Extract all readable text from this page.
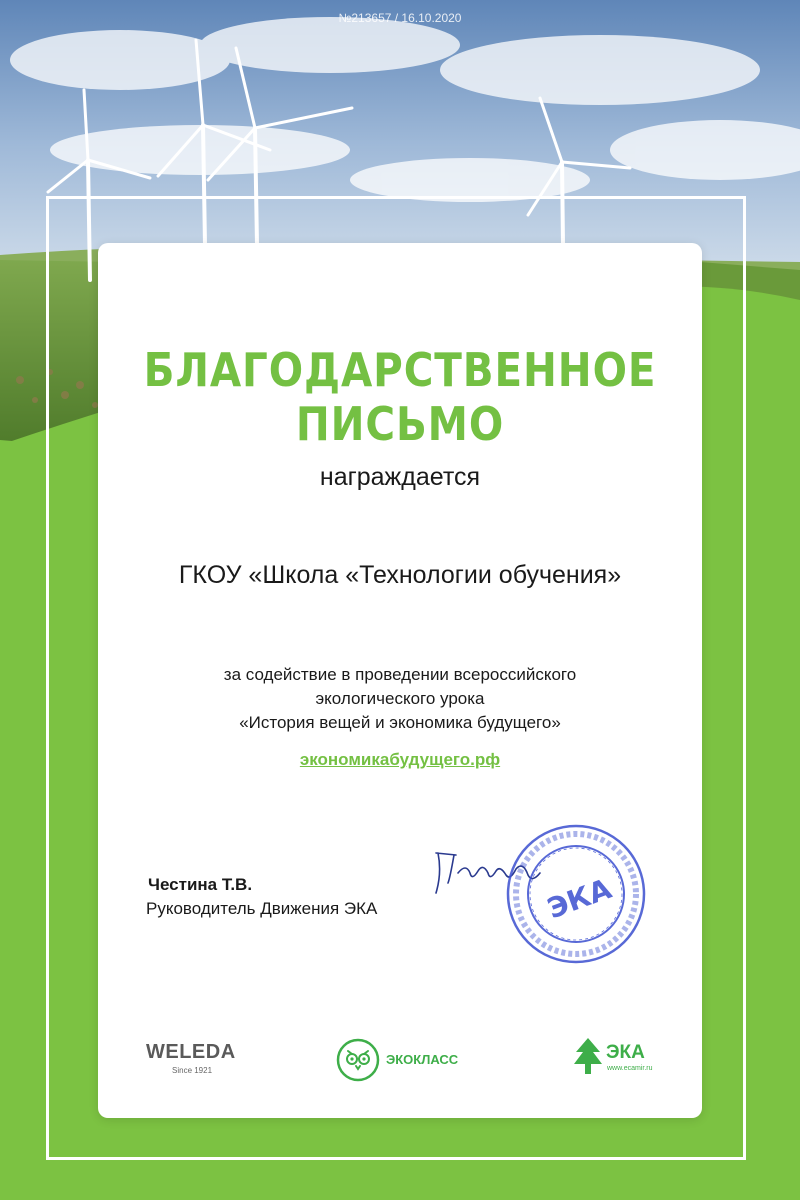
№213657 / 16.10.2020
БЛАГОДАРСТВЕННОЕ
ПИСЬМО
награждается
ГКОУ «Школа «Технологии обучения»
за содействие в проведении всероссийского
экологического урока
«История вещей и экономика будущего»
экономикабудущего.рф
Честина Т.В.
Руководитель Движения ЭКА	ЭКА
WELEDA
Since 1921
ЭКОКЛАСС	ЭКА
www.ecamir.ru
